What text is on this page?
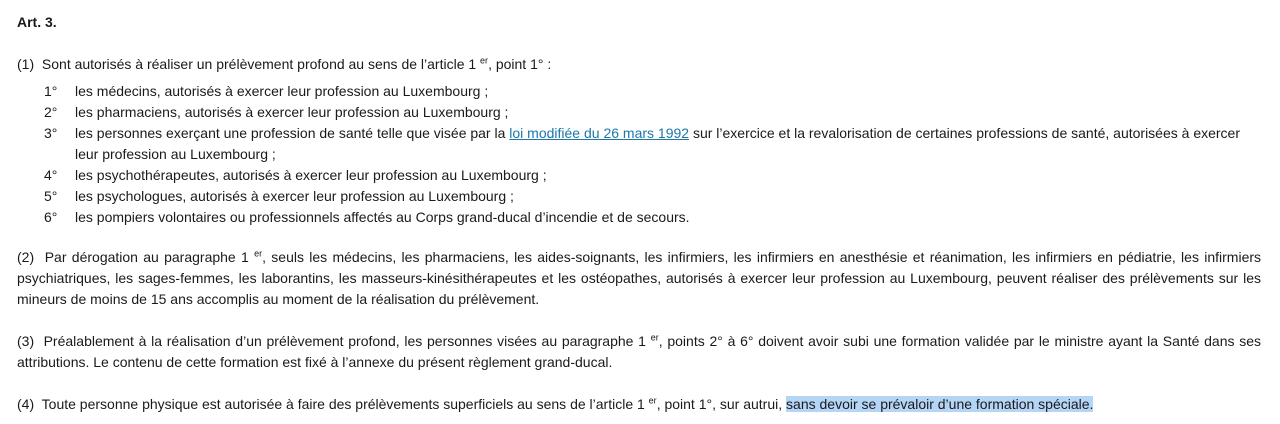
Art. 3.
(1) Sont autorisés à réaliser un prélèvement profond au sens de l’article 1 $^{er}$, point 1° :
1°	les médecins, autorisés à exercer leur profession au Luxembourg ;
2°	les pharmaciens, autorisés à exercer leur profession au Luxembourg ;
3°	les personnes exerçant une profession de santé telle que visée par la loi modifiée du 26 mars 1992 sur l’exercice et la revalorisation de certaines professions de santé, autorisées à exercer leur profession au Luxembourg ;
4°	les psychothérapeutes, autorisés à exercer leur profession au Luxembourg ;
5°	les psychologues, autorisés à exercer leur profession au Luxembourg ;
6°	les pompiers volontaires ou professionnels affectés au Corps grand-ducal d’incendie et de secours.
(2) Par dérogation au paragraphe 1 $^{er}$, seuls les médecins, les pharmaciens, les aides-soignants, les infirmiers, les infirmiers en anesthésie et réanimation, les infirmiers en pédiatrie, les infirmiers psychiatriques, les sages-femmes, les laborantins, les masseurs-kinésithérapeutes et les ostéopathes, autorisés à exercer leur profession au Luxembourg, peuvent réaliser des prélèvements sur les mineurs de moins de 15 ans accomplis au moment de la réalisation du prélèvement.
(3) Préalablement à la réalisation d’un prélèvement profond, les personnes visées au paragraphe 1 $^{er}$, points 2° à 6° doivent avoir subi une formation validée par le ministre ayant la Santé dans ses attributions. Le contenu de cette formation est fixé à l’annexe du présent règlement grand-ducal.
(4) Toute personne physique est autorisée à faire des prélèvements superficiels au sens de l’article 1 $^{er}$, point 1°, sur autrui, sans devoir se prévaloir d’une formation spéciale.
